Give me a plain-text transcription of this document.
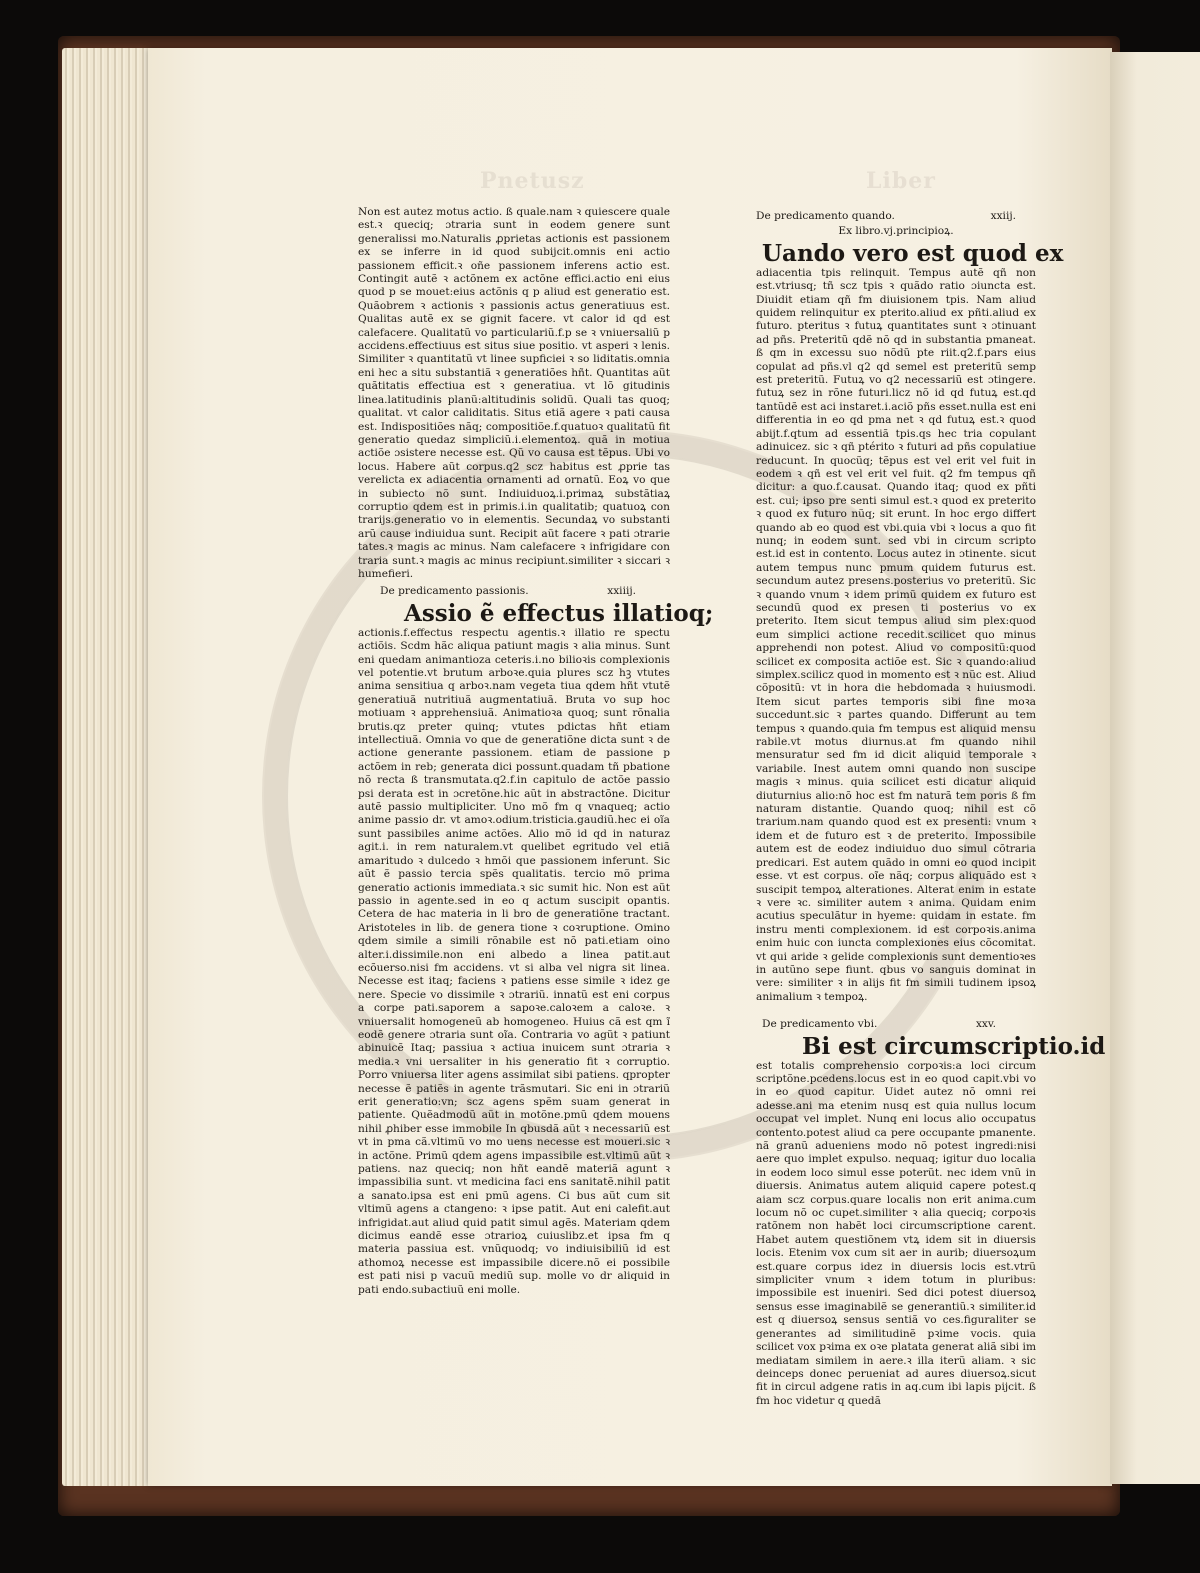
Pnetusz	Liber

Non est autez motus actio. ß quale.nam ꝛ quiescere quale est.ꝛ queciq; ɔtraria sunt in eodem genere sunt generalissi mo.Naturalis ꝓprietas actionis est passionem ex se inferre in id quod subijcit.omnis eni actio passionem efficit.ꝛ oñe passionem inferens actio est. Contingit autẽ ꝛ actõnem ex actõne effici.actio eni eius quod p se mouet:eius actõnis q p aliud est generatio est. Quãobrem ꝛ actionis ꝛ passionis actus generatiuus est. Qualitas autẽ ex se gignit facere. vt calor id qd est calefacere. Qualitatũ vo particulariũ.f.p se ꝛ vniuersaliũ p accidens.effectiuus est situs siue positio. vt asperi ꝛ lenis. Similiter ꝛ quantitatũ vt linee supficiei ꝛ so liditatis.omnia eni hec a situ substantiã ꝛ generatiões hñt. Quantitas aũt quãtitatis effectiua est ꝛ generatiua. vt lõ gitudinis linea.latitudinis planũ:altitudinis solidũ. Quali tas quoq; qualitat. vt calor caliditatis. Situs etiã agere ꝛ pati causa est. Indispositiões nãq; compositiõe.f.quatuoꝛ qualitatũ fit generatio quedaz simpliciũ.i.elementoꝝ. quã in motiua actiõe ɔsistere necesse est. Qũ vo causa est tẽpus. Ubi vo locus. Habere aũt corpus.q2 scz habitus est ꝓprie tas verelicta ex adiacentia ornamenti ad ornatũ. Eoꝝ vo que in subiecto nõ sunt. Indiuiduoꝝ.i.primaꝝ substãtiaꝝ corruptio qdem est in primis.i.in qualitatib; quatuoꝝ con trarijs.generatio vo in elementis. Secundaꝝ vo substanti arũ cause indiuidua sunt. Recipit aũt facere ꝛ pati ɔtrarie tates.ꝛ magis ac minus. Nam calefacere ꝛ infrigidare con traria sunt.ꝛ magis ac minus recipiunt.similiter ꝛ siccari ꝛ humefieri.

De predicamento passionis.	xxiiij.
Assio ẽ effectus illatioq;

actionis.f.effectus respectu agentis.ꝛ illatio re spectu actiõis. Scdm hãc aliqua patiunt magis ꝛ alia minus. Sunt eni quedam animantioza ceteris.i.no bilioꝛis complexionis vel potentie.vt brutum arboꝛe.quia plures scz hꝫ vtutes anima sensitiua q arboꝛ.nam vegeta tiua qdem hñt vtutẽ generatiuã nutritiuã augmentatiuã. Bruta vo sup hoc motiuam ꝛ apprehensiuã. Animatioꝛa quoq; sunt rõnalia brutis.qz preter quinq; vtutes pdictas hñt etiam intellectiuã. Omnia vo que de generatiõne dicta sunt ꝛ de actione generante passionem. etiam de passione p actõem in reb; generata dici possunt.quadam tñ pbatione nõ recta ß transmutata.q2.f.in capitulo de actõe passio psi derata est in ɔcretõne.hic aũt in abstractõne. Dicitur autẽ passio multipliciter. Uno mõ fm q vnaqueq; actio anime passio dr. vt amoꝛ.odium.tristicia.gaudiũ.hec ei oĩa sunt passibiles anime actões. Alio mõ id qd in naturaz agit.i. in rem naturalem.vt quelibet egritudo vel etiã amaritudo ꝛ dulcedo ꝛ hmõi que passionem inferunt. Sic aũt ẽ passio tercia spẽs qualitatis. tercio mõ prima generatio actionis immediata.ꝛ sic sumit hic. Non est aũt passio in agente.sed in eo q actum suscipit opantis. Cetera de hac materia in li bro de generatiõne tractant. Aristoteles in lib. de genera tione ꝛ coꝛruptione. Omino qdem simile a simili rõnabile est nõ pati.etiam oino alter.i.dissimile.non eni albedo a linea patit.aut ecõuerso.nisi fm accidens. vt si alba vel nigra sit linea. Necesse est itaq; faciens ꝛ patiens esse simile ꝛ idez ge nere. Specie vo dissimile ꝛ ɔtrariũ. innatũ est eni corpus a corpe pati.saporem a sapoꝛe.caloꝛem a caloꝛe. ꝛ vniuersalit homogeneũ ab homogeneo. Huius cã est qm ĩ eodẽ genere ɔtraria sunt oĩa. Contraria vo agũt ꝛ patiunt abinuicẽ Itaq; passiua ꝛ actiua inuicem sunt ɔtraria ꝛ media.ꝛ vni uersaliter in his generatio fit ꝛ corruptio. Porro vniuersa liter agens assimilat sibi patiens. qpropter necesse ẽ patiẽs in agente trãsmutari. Sic eni in ɔtrariũ erit generatio:vn; scz agens spẽm suam generat in patiente. Quẽadmodũ aũt in motõne.pmũ qdem mouens nihil ꝓhiber esse immobile In qbusdã aũt ꝛ necessariũ est vt in pma cã.vltimũ vo mo uens necesse est moueri.sic ꝛ in actõne. Primũ qdem agens impassibile est.vltimũ aũt ꝛ patiens. naz queciq; non hñt eandẽ materiã agunt ꝛ impassibilia sunt. vt medicina faci ens sanitatẽ.nihil patit a sanato.ipsa est eni pmũ agens. Ci bus aũt cum sit vltimũ agens a ctangeno: ꝛ ipse patit. Aut eni calefit.aut infrigidat.aut aliud quid patit simul agẽs. Materiam qdem dicimus eandẽ esse ɔtrarioꝝ cuiuslibz.et ipsa fm q materia passiua est. vnũquodq; vo indiuisibiliũ id est athomoꝝ necesse est impassibile dicere.nõ ei possibile est pati nisi p vacuũ mediũ sup. molle vo dr aliquid in pati endo.subactiuũ eni molle.

De predicamento quando.	xxiij.
Ex libro.vj.principioꝝ.
Uando vero est quod ex

adiacentia tpis relinquit. Tempus autẽ qñ non est.vtriusq; tñ scz tpis ꝛ quãdo ratio ɔiuncta est. Diuidit etiam qñ fm diuisionem tpis. Nam aliud quidem relinquitur ex pterito.aliud ex pñti.aliud ex futuro. pteritus ꝛ futuꝝ quantitates sunt ꝛ ɔtinuant ad pñs. Preteritũ qdẽ nõ qd in substantia pmaneat. ß qm in excessu suo nõdũ pte riit.q2.f.pars eius copulat ad pñs.vl q2 qd semel est preteritũ semp est preteritũ. Futuꝝ vo q2 necessariũ est ɔtingere. futuꝝ sez in rõne futuri.licz nõ id qd futuꝝ est.qd tantũdẽ est aci instaret.i.aciõ pñs esset.nulla est eni differentia in eo qd pma net ꝛ qd futuꝝ est.ꝛ quod abijt.f.qtum ad essentiã tpis.qs hec tria copulant adinuicez. sic ꝛ qñ ptérito ꝛ futuri ad pñs copulatiue reducunt. In quocũq; tẽpus est vel erit vel fuit in eodem ꝛ qñ est vel erit vel fuit. q2 fm tempus qñ dicitur: a quo.f.causat. Quando itaq; quod ex pñti est. cui; ipso pre senti simul est.ꝛ quod ex preterito ꝛ quod ex futuro nũq; sit erunt. In hoc ergo differt quando ab eo quod est vbi.quia vbi ꝛ locus a quo fit nunq; in eodem sunt. sed vbi in circum scripto est.id est in contento. Locus autez in ɔtinente. sicut autem tempus nunc pmum quidem futurus est. secundum autez presens.posterius vo preteritũ. Sic ꝛ quando vnum ꝛ idem primũ quidem ex futuro est secundũ quod ex presen ti posterius vo ex preterito. Item sicut tempus aliud sim plex:quod eum simplici actione recedit.scilicet quo minus apprehendi non potest. Aliud vo compositũ:quod scilicet ex composita actiõe est. Sic ꝛ quando:aliud simplex.scilicz quod in momento est ꝛ nũc est. Aliud cõpositũ: vt in hora die hebdomada ꝛ huiusmodi. Item sicut partes temporis sibi fine moꝛa succedunt.sic ꝛ partes quando. Differunt au tem tempus ꝛ quando.quia fm tempus est aliquid mensu rabile.vt motus diurnus.at fm quando nihil mensuratur sed fm id dicit aliquid temporale ꝛ variabile. Inest autem omni quando non suscipe magis ꝛ minus. quia scilicet esti dicatur aliquid diuturnius alio:nõ hoc est fm naturã tem poris ß fm naturam distantie. Quando quoq; nihil est cõ trarium.nam quando quod est ex presenti: vnum ꝛ idem et de futuro est ꝛ de preterito. Impossibile autem est de eodez indiuiduo duo simul cõtraria predicari. Est autem quãdo in omni eo quod incipit esse. vt est corpus. oĩe nãq; corpus aliquãdo est ꝛ suscipit tempoꝝ alterationes. Alterat enim in estate ꝛ vere ꝛc. similiter autem ꝛ anima. Quidam enim acutius speculãtur in hyeme: quidam in estate. fm instru menti complexionem. id est corpoꝛis.anima enim huic con iuncta complexiones eius cõcomitat. vt qui aride ꝛ gelide complexionis sunt dementioꝛes in autũno sepe fiunt. qbus vo sanguis dominat in vere: similiter ꝛ in alijs fit fm simili tudinem ipsoꝝ animalium ꝛ tempoꝝ.

De predicamento vbi.	xxv.
Bi est circumscriptio.id

est totalis comprehensio corpoꝛis:a loci circum scriptõne.pcedens.locus est in eo quod capit.vbi vo in eo quod capitur. Uidet autez nõ omni rei adesse.ani ma etenim nusq est quia nullus locum occupat vel implet. Nunq eni locus alio occupatus contento.potest aliud ca pere occupante pmanente. nã granũ adueniens modo nõ potest ingredi:nisi aere quo implet expulso. nequaq; igitur duo localia in eodem loco simul esse poterũt. nec idem vnũ in diuersis. Animatus autem aliquid capere potest.q aiam scz corpus.quare localis non erit anima.cum locum nõ oc cupet.similiter ꝛ alia queciq; corpoꝛis ratõnem non habẽt loci circumscriptione carent. Habet autem questiõnem vtꝝ idem sit in diuersis locis. Etenim vox cum sit aer in aurib; diuersoꝝum est.quare corpus idez in diuersis locis est.vtrũ simpliciter vnum ꝛ idem totum in pluribus: impossibile est inueniri. Sed dici potest diuersoꝝ sensus esse imaginabilẽ se generantiũ.ꝛ similiter.id est q diuersoꝝ sensus sentiã vo ces.figuraliter se generantes ad similitudinẽ pꝛime vocis. quia scilicet vox pꝛima ex oꝛe platata generat aliã sibi im mediatam similem in aere.ꝛ illa iterũ aliam. ꝛ sic deinceps donec perueniat ad aures diuersoꝝ.sicut fit in circul adgene ratis in aq.cum ibi lapis pijcit. ß fm hoc videtur q quedã
